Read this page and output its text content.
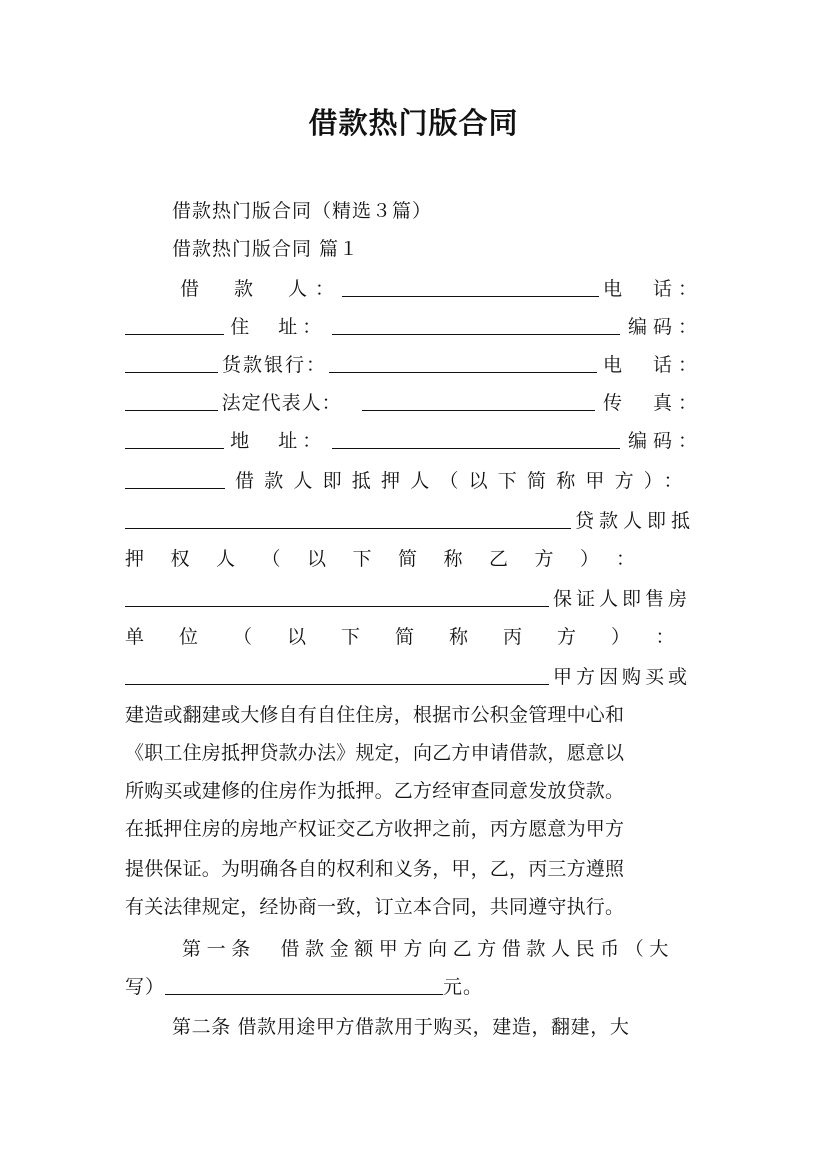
借款热门版合同
借款热门版合同（精选３篇）
借款热门版合同 篇１
借　款　人：	电　话：
住　址：	编码：
货款银行：	电　话：
法定代表人：	传　真：
地　址：	编码：
借款人即抵押人（以下简称甲方）：
贷款人即抵
押权人（以下简称乙方）：
保证人即售房
单位（以下简称丙方）：
甲方因购买或
建造或翻建或大修自有自住住房，根据市公积金管理中心和
《职工住房抵押贷款办法》规定，向乙方申请借款，愿意以
所购买或建修的住房作为抵押。乙方经审查同意发放贷款。
在抵押住房的房地产权证交乙方收押之前，丙方愿意为甲方
提供保证。为明确各自的权利和义务，甲，乙，丙三方遵照
有关法律规定，经协商一致，订立本合同，共同遵守执行。
第一条　借款金额甲方向乙方借款人民币（大
写）	元。
第二条 借款用途甲方借款用于购买，建造，翻建，大
